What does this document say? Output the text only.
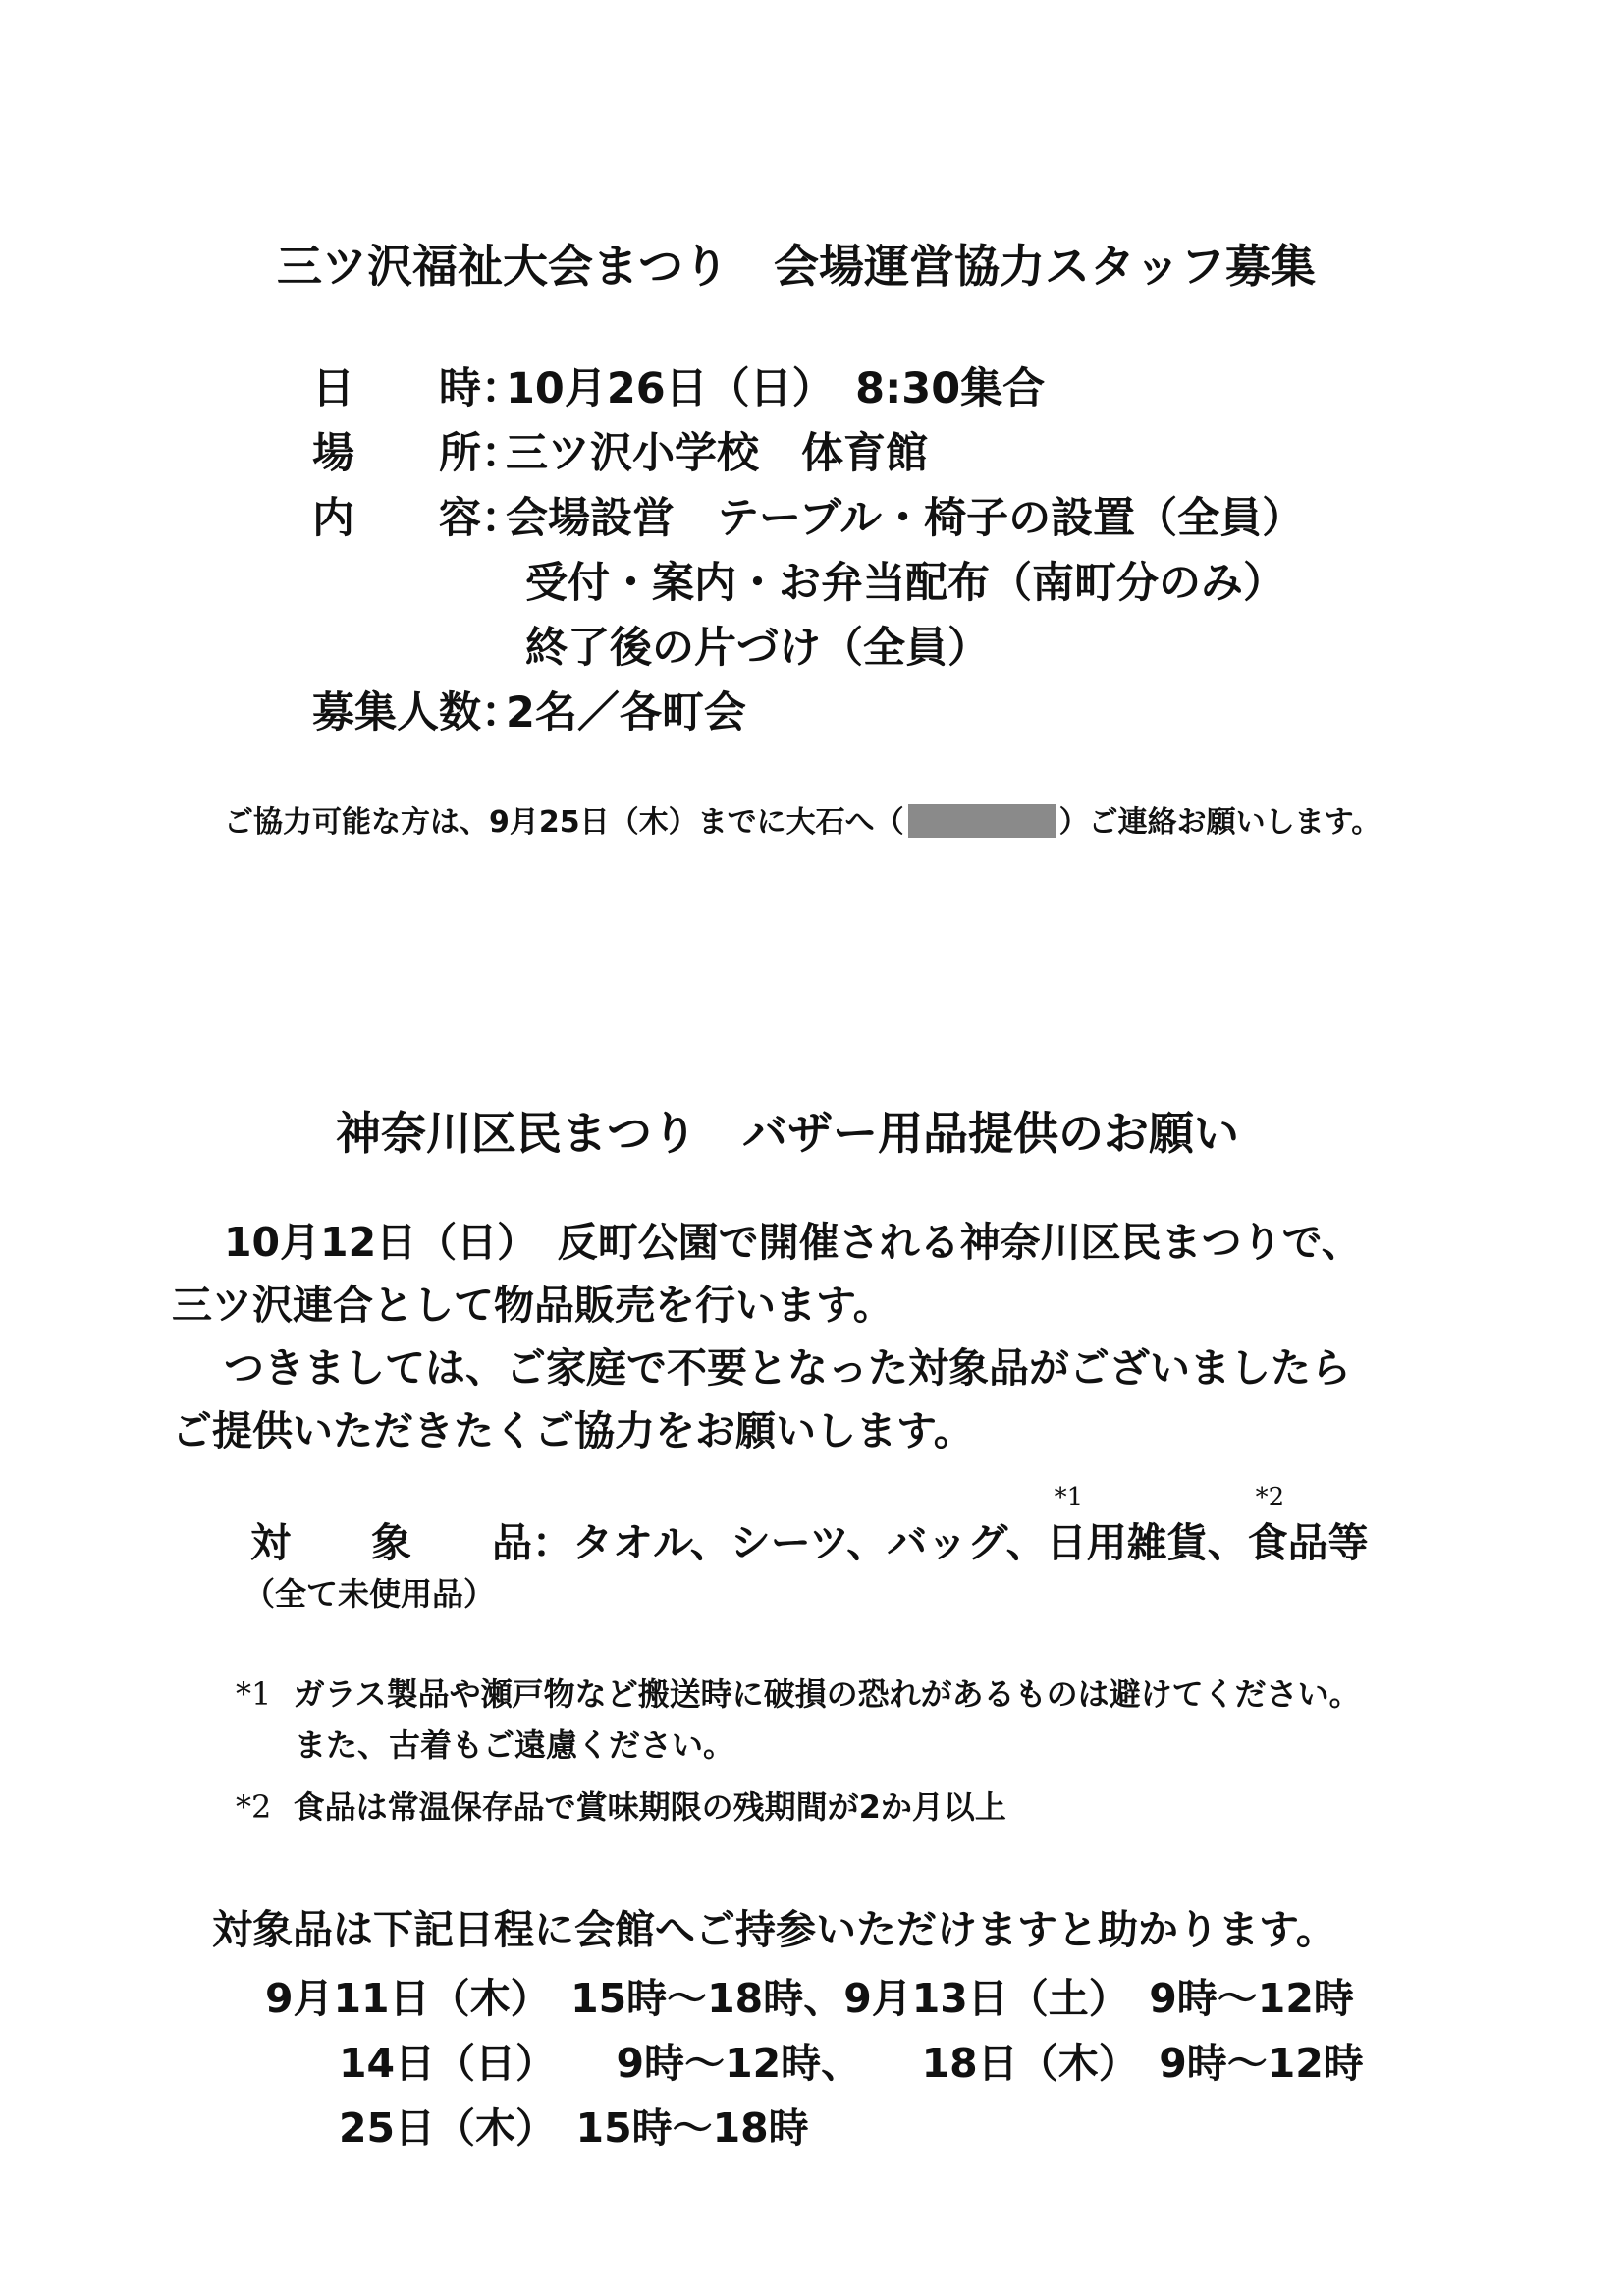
三ツ沢福祉大会まつり　会場運営協力スタッフ募集
日　　時：
10月26日（日）　8:30集合
場　　所：
三ツ沢小学校　体育館
内　　容：
会場設営　テーブル・椅子の設置（全員）
受付・案内・お弁当配布（南町分のみ）
終了後の片づけ（全員）
募集人数：
2名／各町会
ご協力可能な方は、9月25日（木）までに大石へ（	）ご連絡お願いします。
神奈川区民まつり　バザー用品提供のお願い
10月12日（日）　反町公園で開催される神奈川区民まつりで、
三ツ沢連合として物品販売を行います。
つきましては、ご家庭で不要となった対象品がございましたら
ご提供いただきたくご協力をお願いします。
対　　象　　品：タオル、シーツ、バッグ、
*1
日用雑貨、
*2
食品等
（全て未使用品）
*1 ガラス製品や瀬戸物など搬送時に破損の恐れがあるものは避けてください。
また、古着もご遠慮ください。
*2 食品は常温保存品で賞味期限の残期間が2か月以上
対象品は下記日程に会館へご持参いただけますと助かります。
9月11日（木）　15時～18時、9月13日（土）　9時～12時
14日（日）　　9時～12時、　　18日（木）　9時～12時
25日（木）　15時～18時
